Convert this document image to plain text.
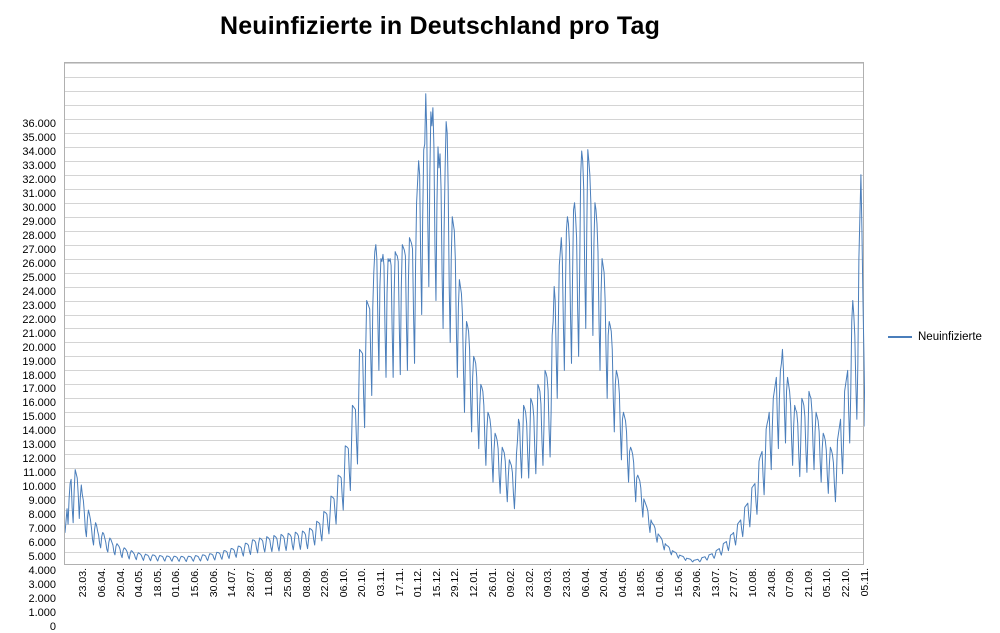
Neuinfizierte in Deutschland pro Tag
0
1.000
2.000
3.000
4.000
5.000
6.000
7.000
8.000
9.000
10.000
11.000
12.000
13.000
14.000
15.000
16.000
17.000
18.000
19.000
20.000
21.000
22.000
23.000
24.000
25.000
26.000
27.000
28.000
29.000
30.000
31.000
32.000
33.000
34.000
35.000
36.000
23.03. 06.04. 20.04. 04.05. 18.05. 01.06. 15.06. 30.06. 14.07. 28.07. 11.08. 25.08. 08.09. 22.09. 06.10. 20.10. 03.11. 17.11. 01.12. 15.12. 29.12. 12.01. 26.01. 09.02. 23.02. 09.03. 23.03. 06.04. 20.04. 04.05. 18.05. 01.06. 15.06. 29.06. 13.07. 27.07. 10.08. 24.08. 07.09. 21.09. 05.10. 22.10. 05.11.
Neuinfizierte
